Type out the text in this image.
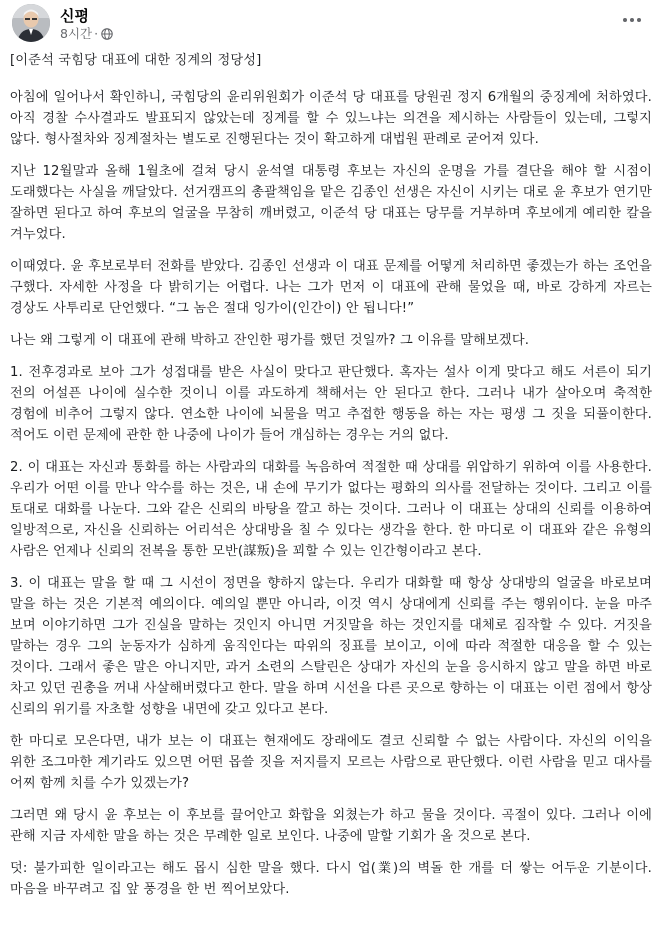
신평
8시간 ·

[이준석 국힘당 대표에 대한 징계의 정당성]

아침에 일어나서 확인하니, 국힘당의 윤리위원회가 이준석 당 대표를 당원권 정지 6개월의 중징계에 처하였다. 아직 경찰 수사결과도 발표되지 않았는데 징계를 할 수 있느냐는 의견을 제시하는 사람들이 있는데, 그렇지 않다. 형사절차와 징계절차는 별도로 진행된다는 것이 확고하게 대법원 판례로 굳어져 있다.

지난 12월말과 올해 1월초에 걸쳐 당시 윤석열 대통령 후보는 자신의 운명을 가를 결단을 해야 할 시점이 도래했다는 사실을 깨달았다. 선거캠프의 총괄책임을 맡은 김종인 선생은 자신이 시키는 대로 윤 후보가 연기만 잘하면 된다고 하여 후보의 얼굴을 무참히 깨버렸고, 이준석 당 대표는 당무를 거부하며 후보에게 예리한 칼을 겨누었다.

이때였다. 윤 후보로부터 전화를 받았다. 김종인 선생과 이 대표 문제를 어떻게 처리하면 좋겠는가 하는 조언을 구했다. 자세한 사정을 다 밝히기는 어렵다. 나는 그가 먼저 이 대표에 관해 물었을 때, 바로 강하게 자르는 경상도 사투리로 단언했다. “그 놈은 절대 잉가이(인간이) 안 됩니다!”

나는 왜 그렇게 이 대표에 관해 박하고 잔인한 평가를 했던 것일까? 그 이유를 말해보겠다.

1. 전후경과로 보아 그가 성접대를 받은 사실이 맞다고 판단했다. 혹자는 설사 이게 맞다고 해도 서른이 되기 전의 어설픈 나이에 실수한 것이니 이를 과도하게 책해서는 안 된다고 한다. 그러나 내가 살아오며 축적한 경험에 비추어 그렇지 않다. 연소한 나이에 뇌물을 먹고 추접한 행동을 하는 자는 평생 그 짓을 되풀이한다. 적어도 이런 문제에 관한 한 나중에 나이가 들어 개심하는 경우는 거의 없다.

2. 이 대표는 자신과 통화를 하는 사람과의 대화를 녹음하여 적절한 때 상대를 위압하기 위하여 이를 사용한다. 우리가 어떤 이를 만나 악수를 하는 것은, 내 손에 무기가 없다는 평화의 의사를 전달하는 것이다. 그리고 이를 토대로 대화를 나눈다. 그와 같은 신뢰의 바탕을 깔고 하는 것이다. 그러나 이 대표는 상대의 신뢰를 이용하여 일방적으로, 자신을 신뢰하는 어리석은 상대방을 칠 수 있다는 생각을 한다. 한 마디로 이 대표와 같은 유형의 사람은 언제나 신뢰의 전복을 통한 모반(謀叛)을 꾀할 수 있는 인간형이라고 본다.

3. 이 대표는 말을 할 때 그 시선이 정면을 향하지 않는다. 우리가 대화할 때 항상 상대방의 얼굴을 바로보며 말을 하는 것은 기본적 예의이다. 예의일 뿐만 아니라, 이것 역시 상대에게 신뢰를 주는 행위이다. 눈을 마주 보며 이야기하면 그가 진실을 말하는 것인지 아니면 거짓말을 하는 것인지를 대체로 짐작할 수 있다. 거짓을 말하는 경우 그의 눈동자가 심하게 움직인다는 따위의 징표를 보이고, 이에 따라 적절한 대응을 할 수 있는 것이다. 그래서 좋은 말은 아니지만, 과거 소련의 스탈린은 상대가 자신의 눈을 응시하지 않고 말을 하면 바로 차고 있던 권총을 꺼내 사살해버렸다고 한다. 말을 하며 시선을 다른 곳으로 향하는 이 대표는 이런 점에서 항상 신뢰의 위기를 자초할 성향을 내면에 갖고 있다고 본다.

한 마디로 모은다면, 내가 보는 이 대표는 현재에도 장래에도 결코 신뢰할 수 없는 사람이다. 자신의 이익을 위한 조그마한 계기라도 있으면 어떤 몹쓸 짓을 저지를지 모르는 사람으로 판단했다. 이런 사람을 믿고 대사를 어찌 함께 치를 수가 있겠는가?

그러면 왜 당시 윤 후보는 이 후보를 끌어안고 화합을 외쳤는가 하고 물을 것이다. 곡절이 있다. 그러나 이에 관해 지금 자세한 말을 하는 것은 무례한 일로 보인다. 나중에 말할 기회가 올 것으로 본다.

덧: 불가피한 일이라고는 해도 몹시 심한 말을 했다. 다시 업(業)의 벽돌 한 개를 더 쌓는 어두운 기분이다. 마음을 바꾸려고 집 앞 풍경을 한 번 찍어보았다.
